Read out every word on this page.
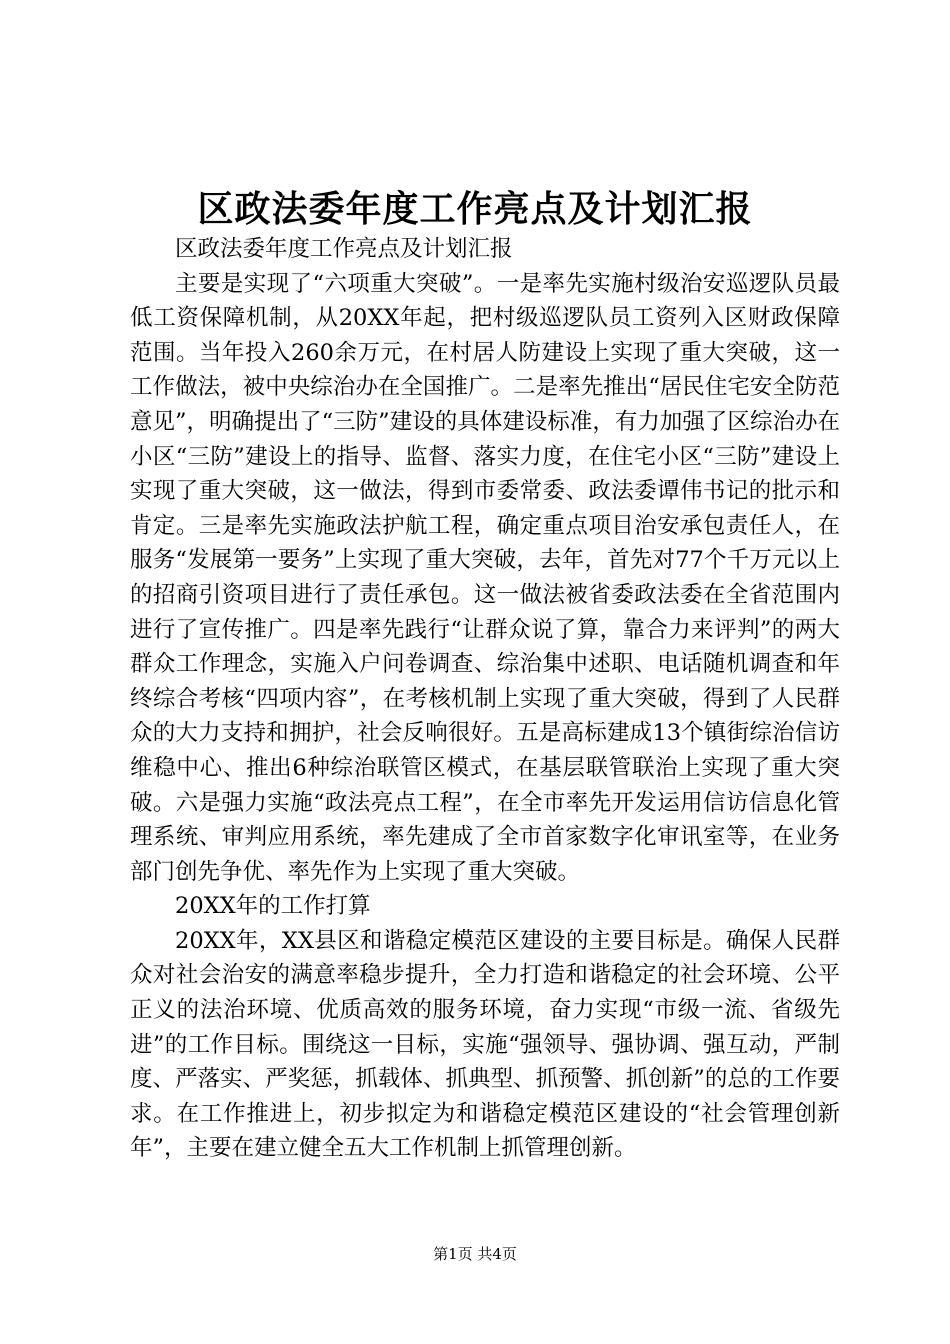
区政法委年度工作亮点及计划汇报

区政法委年度工作亮点及计划汇报

主要是实现了“六项重大突破”。一是率先实施村级治安巡逻队员最低工资保障机制，从20XX年起，把村级巡逻队员工资列入区财政保障范围。当年投入260余万元，在村居人防建设上实现了重大突破，这一工作做法，被中央综治办在全国推广。二是率先推出“居民住宅安全防范意见”，明确提出了“三防”建设的具体建设标准，有力加强了区综治办在小区“三防”建设上的指导、监督、落实力度，在住宅小区“三防”建设上实现了重大突破，这一做法，得到市委常委、政法委谭伟书记的批示和肯定。三是率先实施政法护航工程，确定重点项目治安承包责任人，在服务“发展第一要务”上实现了重大突破，去年，首先对77个千万元以上的招商引资项目进行了责任承包。这一做法被省委政法委在全省范围内进行了宣传推广。四是率先践行“让群众说了算，靠合力来评判”的两大群众工作理念，实施入户问卷调查、综治集中述职、电话随机调查和年终综合考核“四项内容”，在考核机制上实现了重大突破，得到了人民群众的大力支持和拥护，社会反响很好。五是高标建成13个镇街综治信访维稳中心、推出6种综治联管区模式，在基层联管联治上实现了重大突破。六是强力实施“政法亮点工程”，在全市率先开发运用信访信息化管理系统、审判应用系统，率先建成了全市首家数字化审讯室等，在业务部门创先争优、率先作为上实现了重大突破。

20XX年的工作打算

20XX年，XX县区和谐稳定模范区建设的主要目标是。确保人民群众对社会治安的满意率稳步提升，全力打造和谐稳定的社会环境、公平正义的法治环境、优质高效的服务环境，奋力实现“市级一流、省级先进”的工作目标。围绕这一目标，实施“强领导、强协调、强互动，严制度、严落实、严奖惩，抓载体、抓典型、抓预警、抓创新”的总的工作要求。在工作推进上，初步拟定为和谐稳定模范区建设的“社会管理创新年”，主要在建立健全五大工作机制上抓管理创新。

第1页 共4页
